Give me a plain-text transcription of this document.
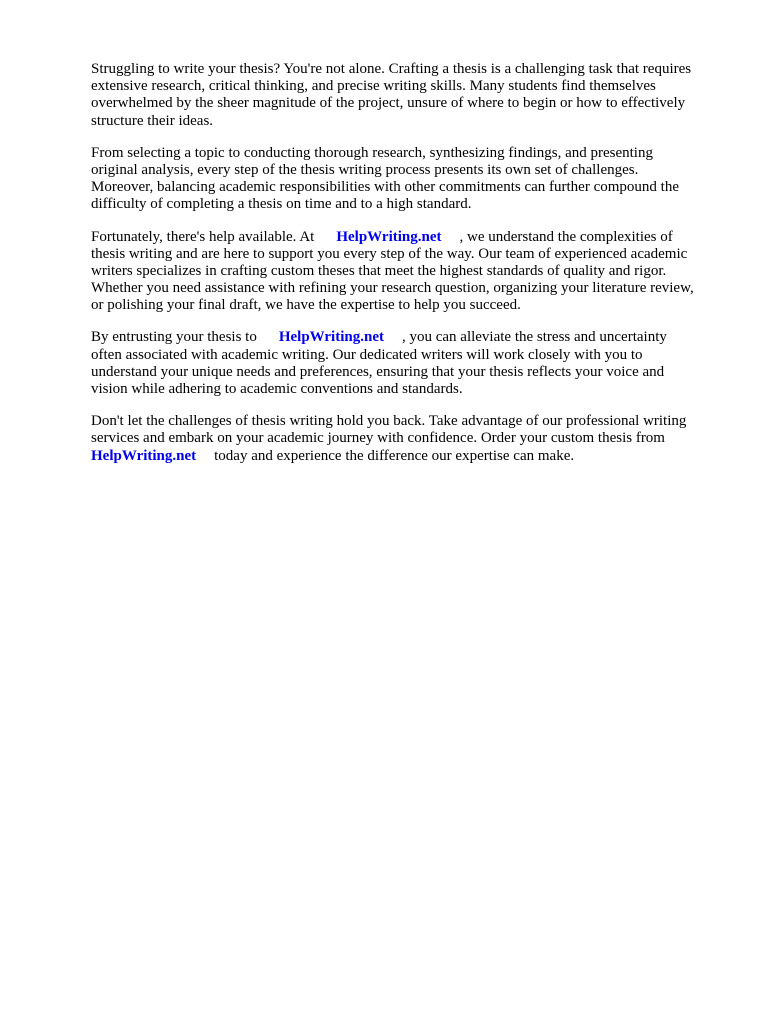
Struggling to write your thesis? You're not alone. Crafting a thesis is a challenging task that requires
extensive research, critical thinking, and precise writing skills. Many students find themselves
overwhelmed by the sheer magnitude of the project, unsure of where to begin or how to effectively
structure their ideas.

From selecting a topic to conducting thorough research, synthesizing findings, and presenting
original analysis, every step of the thesis writing process presents its own set of challenges.
Moreover, balancing academic responsibilities with other commitments can further compound the
difficulty of completing a thesis on time and to a high standard.

Fortunately, there's help available. At HelpWriting.net , we understand the complexities of
thesis writing and are here to support you every step of the way. Our team of experienced academic
writers specializes in crafting custom theses that meet the highest standards of quality and rigor.
Whether you need assistance with refining your research question, organizing your literature review,
or polishing your final draft, we have the expertise to help you succeed.

By entrusting your thesis to HelpWriting.net , you can alleviate the stress and uncertainty
often associated with academic writing. Our dedicated writers will work closely with you to
understand your unique needs and preferences, ensuring that your thesis reflects your voice and
vision while adhering to academic conventions and standards.

Don't let the challenges of thesis writing hold you back. Take advantage of our professional writing
services and embark on your academic journey with confidence. Order your custom thesis from
HelpWriting.net today and experience the difference our expertise can make.
